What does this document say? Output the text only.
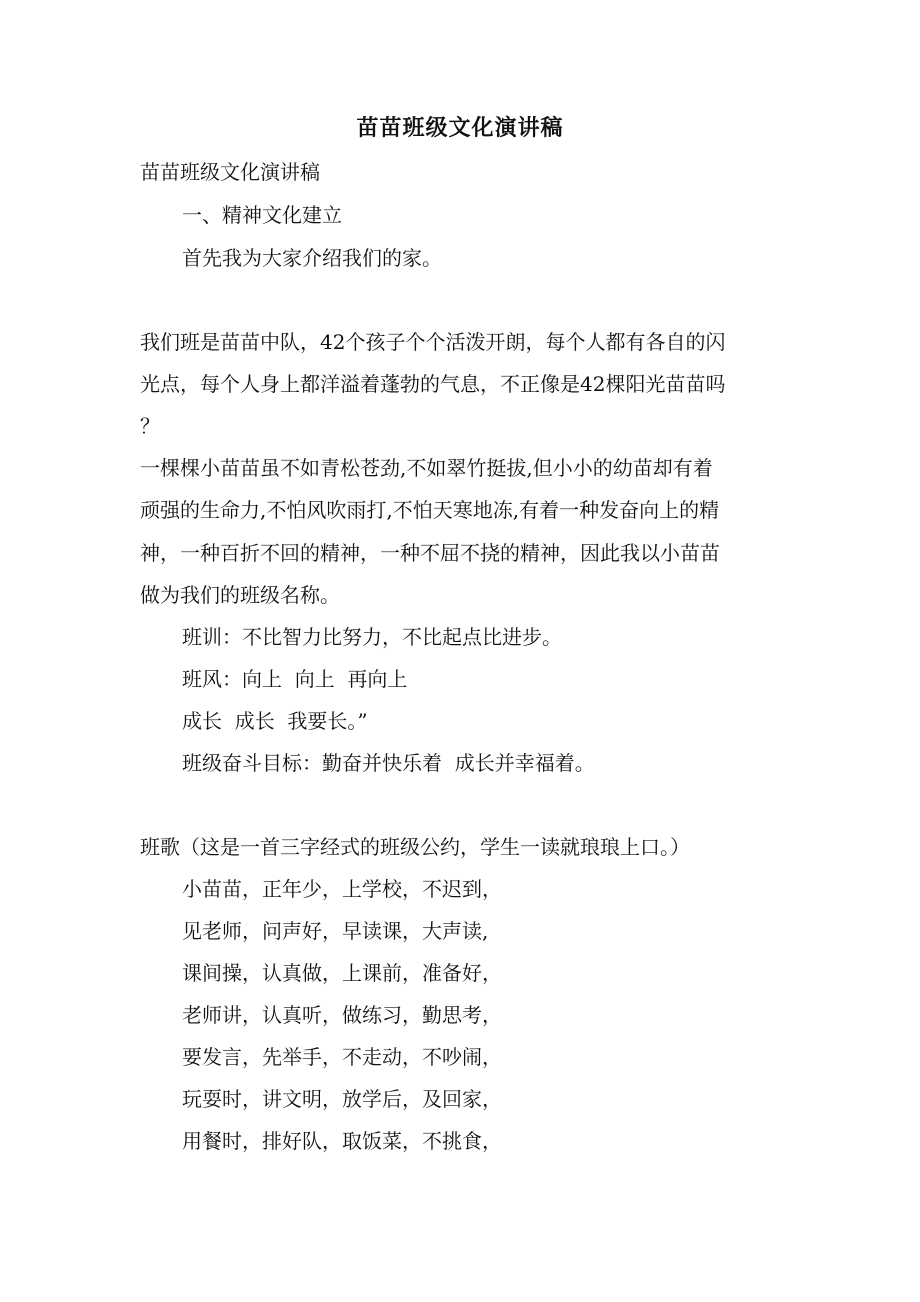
苗苗班级文化演讲稿
苗苗班级文化演讲稿
一、精神文化建立
首先我为大家介绍我们的家。
我们班是苗苗中队，42个孩子个个活泼开朗，每个人都有各自的闪
光点，每个人身上都洋溢着蓬勃的气息，不正像是42棵阳光苗苗吗
？
一棵棵小苗苗虽不如青松苍劲,不如翠竹挺拔,但小小的幼苗却有着
顽强的生命力,不怕风吹雨打,不怕天寒地冻,有着一种发奋向上的精
神，一种百折不回的精神，一种不屈不挠的精神，因此我以小苗苗
做为我们的班级名称。
班训：不比智力比努力，不比起点比进步。
班风：向上  向上  再向上
成长  成长  我要长。”
班级奋斗目标：勤奋并快乐着  成长并幸福着。
班歌（这是一首三字经式的班级公约，学生一读就琅琅上口。）
小苗苗，正年少，上学校，不迟到，
见老师，问声好，早读课，大声读,
课间操，认真做，上课前，准备好，
老师讲，认真听，做练习，勤思考，
要发言，先举手，不走动，不吵闹，
玩耍时，讲文明，放学后，及回家，
用餐时，排好队，取饭菜，不挑食，
